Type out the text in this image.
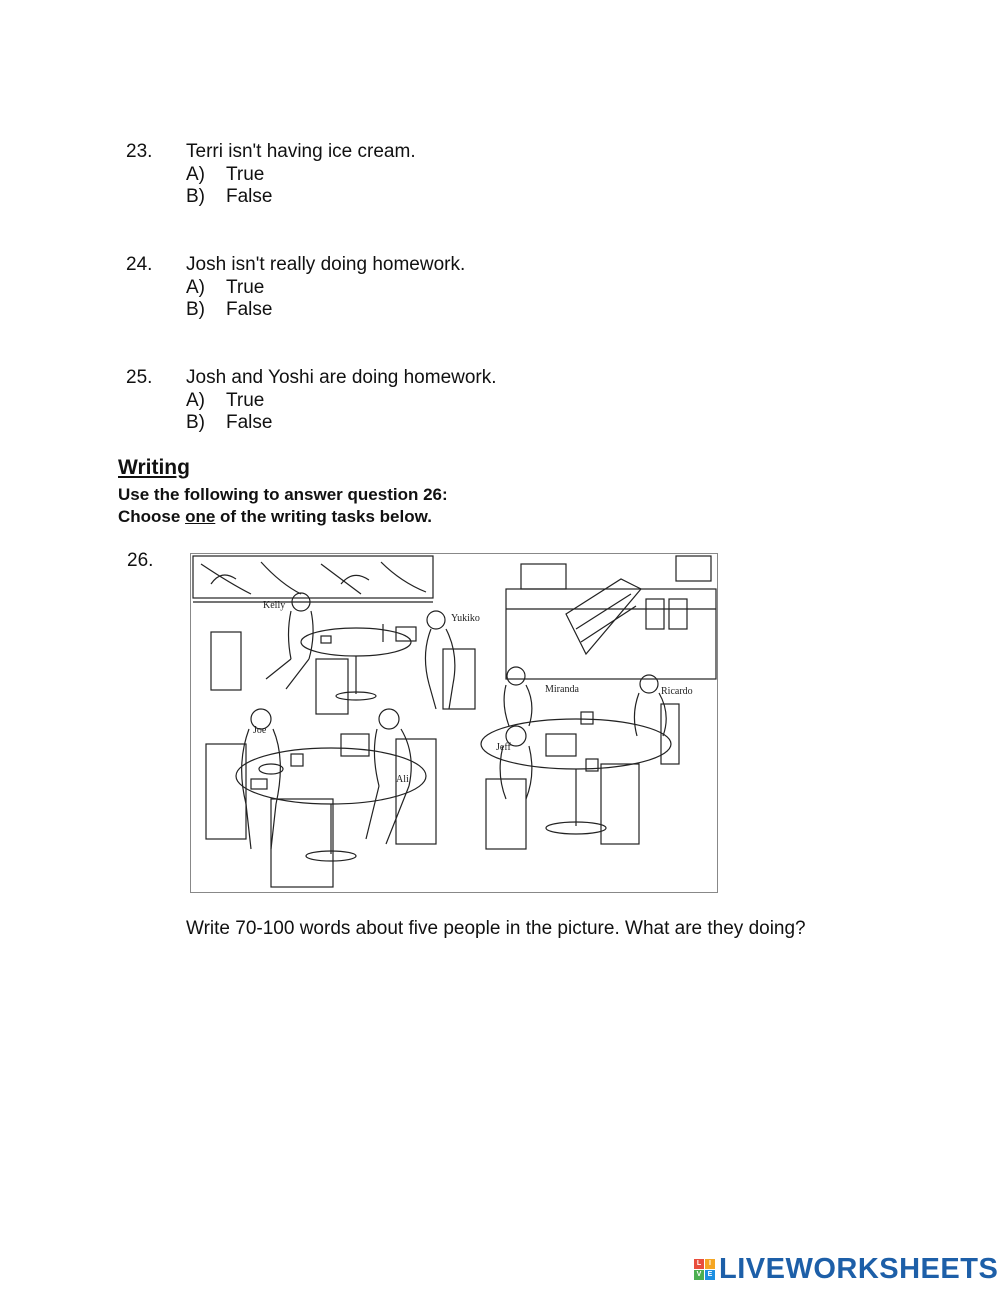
23.	Terri isn't having ice cream.
A) True
B) False
24.	Josh isn't really doing homework.
A) True
B) False
25.	Josh and Yoshi are doing homework.
A) True
B) False
Writing
Use the following to answer question 26:
Choose one of the writing tasks below.
26.
Kelly
Yukiko
Miranda	Ricardo
Joe
Jeff
Ali
Write 70-100 words about five people in the picture. What are they doing?
L	I
V E LIVEWORKSHEETS
